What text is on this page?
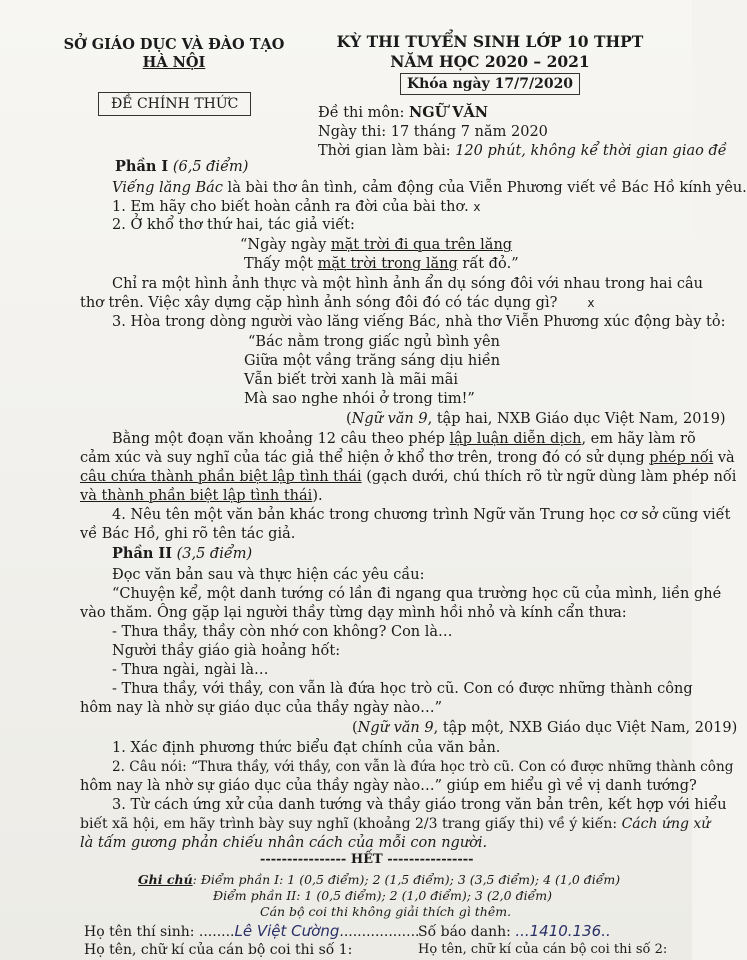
SỞ GIÁO DỤC VÀ ĐÀO TẠO
HÀ NỘI
KỲ THI TUYỂN SINH LỚP 10 THPT
NĂM HỌC 2020 – 2021
Khóa ngày 17/7/2020
ĐỀ CHÍNH THỨC
Đề thi môn: NGỮ VĂN
Ngày thi: 17 tháng 7 năm 2020
Thời gian làm bài: 120 phút, không kể thời gian giao đề
Phần I (6,5 điểm)
Viếng lăng Bác là bài thơ ân tình, cảm động của Viễn Phương viết về Bác Hồ kính yêu.
1. Em hãy cho biết hoàn cảnh ra đời của bài thơ. x
2. Ở khổ thơ thứ hai, tác giả viết:
“Ngày ngày mặt trời đi qua trên lăng
Thấy một mặt trời trong lăng rất đỏ.”
Chỉ ra một hình ảnh thực và một hình ảnh ẩn dụ sóng đôi với nhau trong hai câu
thơ trên. Việc xây dựng cặp hình ảnh sóng đôi đó có tác dụng gì?	x
3. Hòa trong dòng người vào lăng viếng Bác, nhà thơ Viễn Phương xúc động bày tỏ:
“Bác nằm trong giấc ngủ bình yên
Giữa một vầng trăng sáng dịu hiền
Vẫn biết trời xanh là mãi mãi
Mà sao nghe nhói ở trong tim!”
(Ngữ văn 9, tập hai, NXB Giáo dục Việt Nam, 2019)
Bằng một đoạn văn khoảng 12 câu theo phép lập luận diễn dịch, em hãy làm rõ
cảm xúc và suy nghĩ của tác giả thể hiện ở khổ thơ trên, trong đó có sử dụng phép nối và
câu chứa thành phần biệt lập tình thái (gạch dưới, chú thích rõ từ ngữ dùng làm phép nối
và thành phần biệt lập tình thái).
4. Nêu tên một văn bản khác trong chương trình Ngữ văn Trung học cơ sở cũng viết
về Bác Hồ, ghi rõ tên tác giả.
Phần II (3,5 điểm)
Đọc văn bản sau và thực hiện các yêu cầu:
“Chuyện kể, một danh tướng có lần đi ngang qua trường học cũ của mình, liền ghé
vào thăm. Ông gặp lại người thầy từng dạy mình hồi nhỏ và kính cẩn thưa:
- Thưa thầy, thầy còn nhớ con không? Con là…
Người thầy giáo già hoảng hốt:
- Thưa ngài, ngài là…
- Thưa thầy, với thầy, con vẫn là đứa học trò cũ. Con có được những thành công
hôm nay là nhờ sự giáo dục của thầy ngày nào…”
(Ngữ văn 9, tập một, NXB Giáo dục Việt Nam, 2019)
1. Xác định phương thức biểu đạt chính của văn bản.
2. Câu nói: “Thưa thầy, với thầy, con vẫn là đứa học trò cũ. Con có được những thành công
hôm nay là nhờ sự giáo dục của thầy ngày nào…” giúp em hiểu gì về vị danh tướng?
3. Từ cách ứng xử của danh tướng và thầy giáo trong văn bản trên, kết hợp với hiểu
biết xã hội, em hãy trình bày suy nghĩ (khoảng 2/3 trang giấy thi) về ý kiến: Cách ứng xử
là tấm gương phản chiếu nhân cách của mỗi con người.
---------------- HẾT ----------------
Ghi chú: Điểm phần I: 1 (0,5 điểm); 2 (1,5 điểm); 3 (3,5 điểm); 4 (1,0 điểm)
Điểm phần II: 1 (0,5 điểm); 2 (1,0 điểm); 3 (2,0 điểm)
Cán bộ coi thi không giải thích gì thêm.
Họ tên thí sinh: ........Lê Việt Cường..................
Số báo danh: ...1410.136..
Họ tên, chữ kí của cán bộ coi thi số 1:	Họ tên, chữ kí của cán bộ coi thi số 2:
